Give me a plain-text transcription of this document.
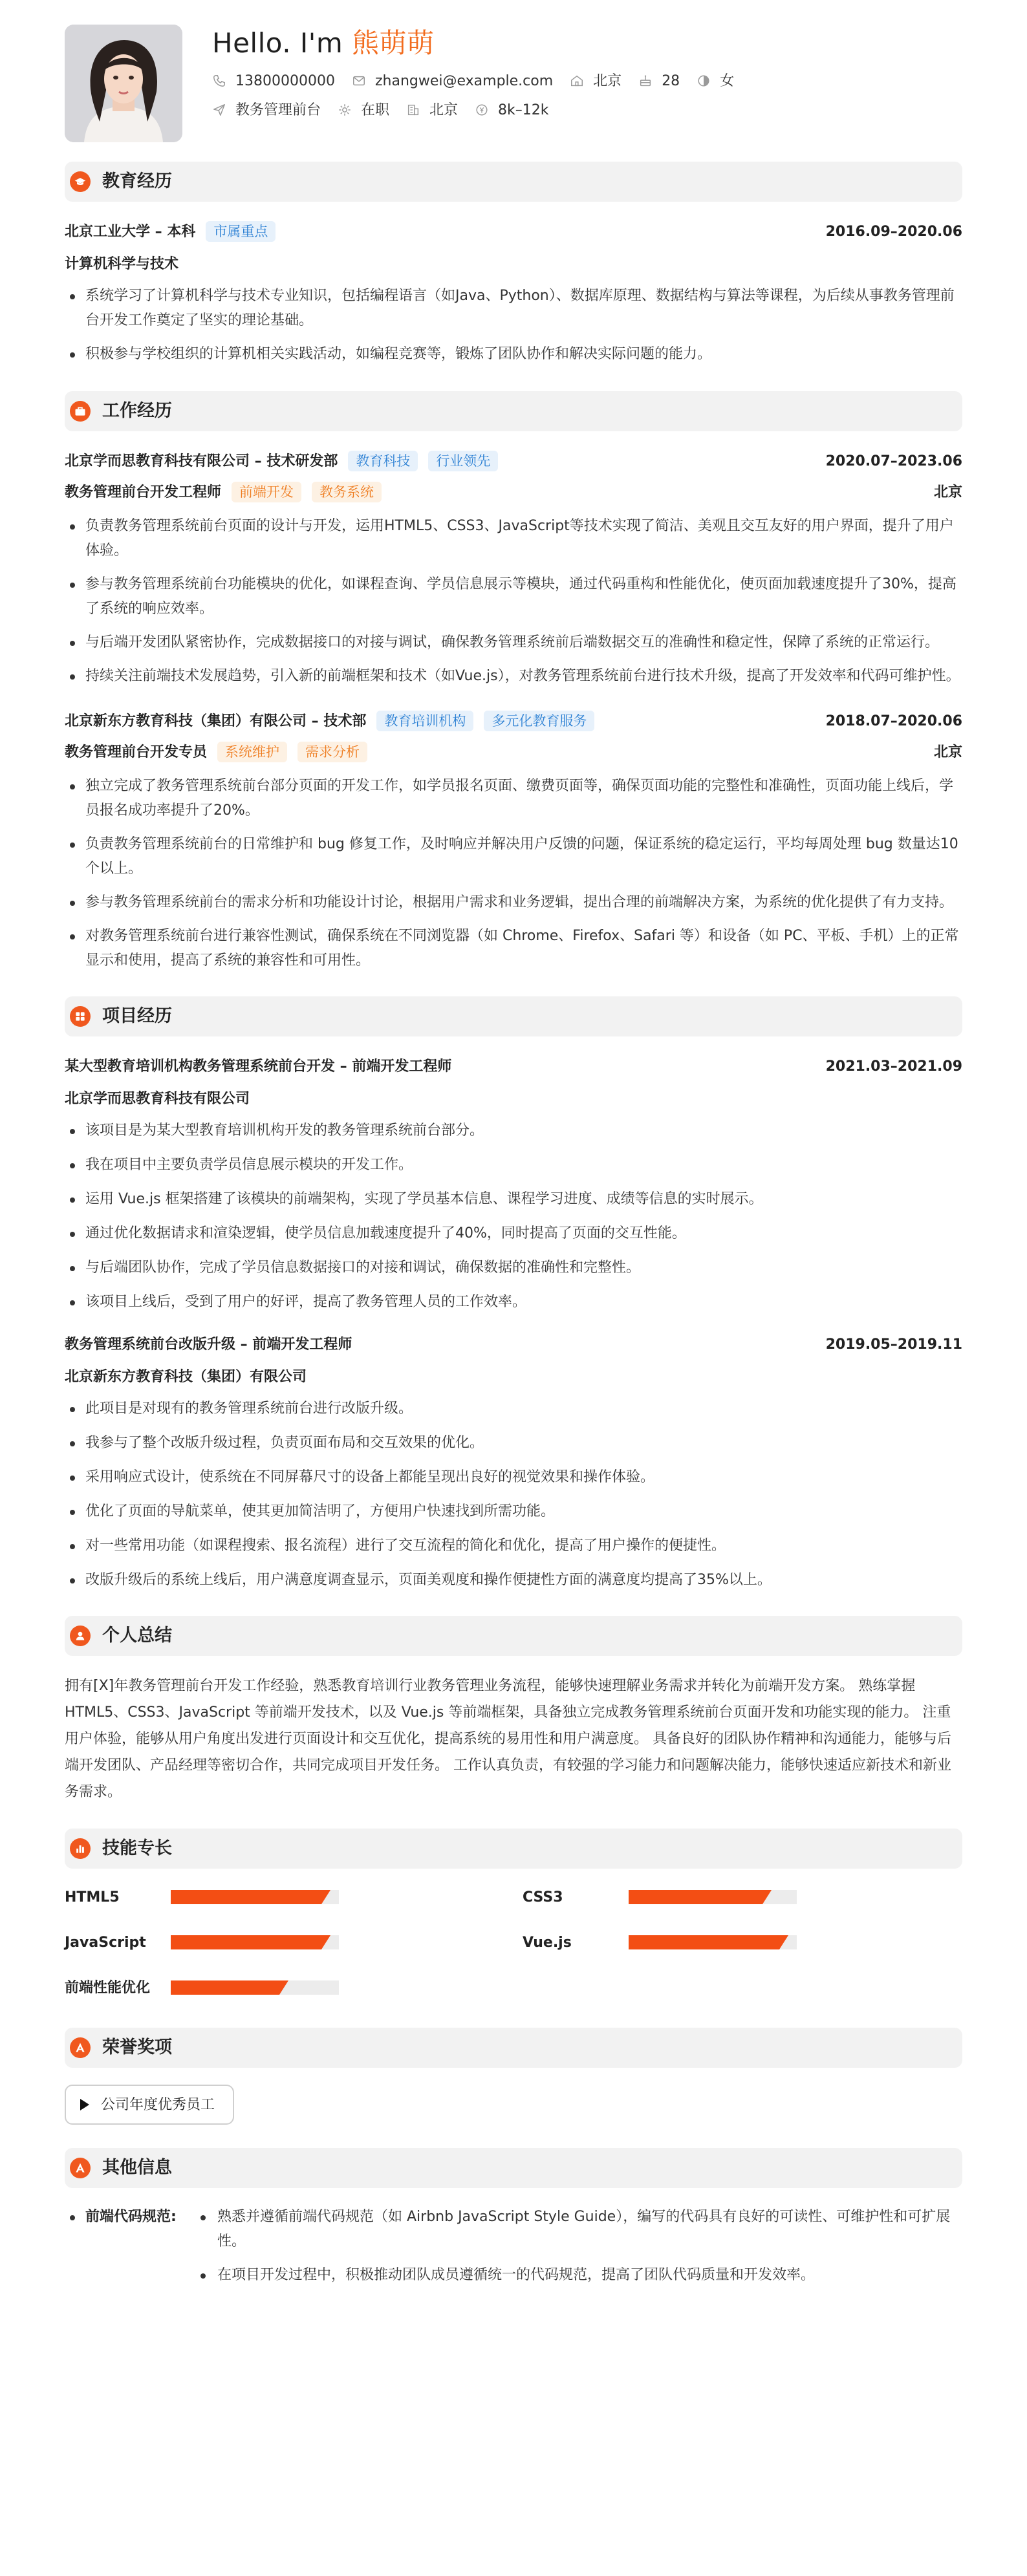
Hello. I'm 熊萌萌
13800000000	zhangwei@example.com	北京	28	女
教务管理前台	在职	北京	8k–12k
教育经历
北京工业大学 – 本科	市属重点	2016.09–2020.06
计算机科学与技术
系统学习了计算机科学与技术专业知识，包括编程语言（如Java、Python）、数据库原理、数据结构与算法等课程，为后续从事教务管理前台开发工作奠定了坚实的理论基础。
积极参与学校组织的计算机相关实践活动，如编程竞赛等，锻炼了团队协作和解决实际问题的能力。
工作经历
北京学而思教育科技有限公司 – 技术研发部	教育科技	行业领先	2020.07–2023.06
教务管理前台开发工程师	前端开发	教务系统	北京
负责教务管理系统前台页面的设计与开发，运用HTML5、CSS3、JavaScript等技术实现了简洁、美观且交互友好的用户界面，提升了用户体验。
参与教务管理系统前台功能模块的优化，如课程查询、学员信息展示等模块，通过代码重构和性能优化，使页面加载速度提升了30%，提高了系统的响应效率。
与后端开发团队紧密协作，完成数据接口的对接与调试，确保教务管理系统前后端数据交互的准确性和稳定性，保障了系统的正常运行。
持续关注前端技术发展趋势，引入新的前端框架和技术（如Vue.js），对教务管理系统前台进行技术升级，提高了开发效率和代码可维护性。
北京新东方教育科技（集团）有限公司 – 技术部	教育培训机构	多元化教育服务	2018.07–2020.06
教务管理前台开发专员	系统维护	需求分析	北京
独立完成了教务管理系统前台部分页面的开发工作，如学员报名页面、缴费页面等，确保页面功能的完整性和准确性，页面功能上线后，学员报名成功率提升了20%。
负责教务管理系统前台的日常维护和 bug 修复工作，及时响应并解决用户反馈的问题，保证系统的稳定运行，平均每周处理 bug 数量达10个以上。
参与教务管理系统前台的需求分析和功能设计讨论，根据用户需求和业务逻辑，提出合理的前端解决方案，为系统的优化提供了有力支持。
对教务管理系统前台进行兼容性测试，确保系统在不同浏览器（如 Chrome、Firefox、Safari 等）和设备（如 PC、平板、手机）上的正常显示和使用，提高了系统的兼容性和可用性。
项目经历
某大型教育培训机构教务管理系统前台开发 – 前端开发工程师	2021.03–2021.09
北京学而思教育科技有限公司
该项目是为某大型教育培训机构开发的教务管理系统前台部分。
我在项目中主要负责学员信息展示模块的开发工作。
运用 Vue.js 框架搭建了该模块的前端架构，实现了学员基本信息、课程学习进度、成绩等信息的实时展示。
通过优化数据请求和渲染逻辑，使学员信息加载速度提升了40%，同时提高了页面的交互性能。
与后端团队协作，完成了学员信息数据接口的对接和调试，确保数据的准确性和完整性。
该项目上线后，受到了用户的好评，提高了教务管理人员的工作效率。
教务管理系统前台改版升级 – 前端开发工程师	2019.05–2019.11
北京新东方教育科技（集团）有限公司
此项目是对现有的教务管理系统前台进行改版升级。
我参与了整个改版升级过程，负责页面布局和交互效果的优化。
采用响应式设计，使系统在不同屏幕尺寸的设备上都能呈现出良好的视觉效果和操作体验。
优化了页面的导航菜单，使其更加简洁明了，方便用户快速找到所需功能。
对一些常用功能（如课程搜索、报名流程）进行了交互流程的简化和优化，提高了用户操作的便捷性。
改版升级后的系统上线后，用户满意度调查显示，页面美观度和操作便捷性方面的满意度均提高了35%以上。
个人总结

拥有[X]年教务管理前台开发工作经验，熟悉教育培训行业教务管理业务流程，能够快速理解业务需求并转化为前端开发方案。 熟练掌握 HTML5、CSS3、JavaScript 等前端开发技术，以及 Vue.js 等前端框架，具备独立完成教务管理系统前台页面开发和功能实现的能力。 注重用户体验，能够从用户角度出发进行页面设计和交互优化，提高系统的易用性和用户满意度。 具备良好的团队协作精神和沟通能力，能够与后端开发团队、产品经理等密切合作，共同完成项目开发任务。 工作认真负责，有较强的学习能力和问题解决能力，能够快速适应新技术和新业务需求。

技能专长
HTML5	CSS3
JavaScript	Vue.js
前端性能优化
荣誉奖项
公司年度优秀员工
其他信息
前端代码规范:	熟悉并遵循前端代码规范（如 Airbnb JavaScript Style Guide），编写的代码具有良好的可读性、可维护性和可扩展性。
在项目开发过程中，积极推动团队成员遵循统一的代码规范，提高了团队代码质量和开发效率。
